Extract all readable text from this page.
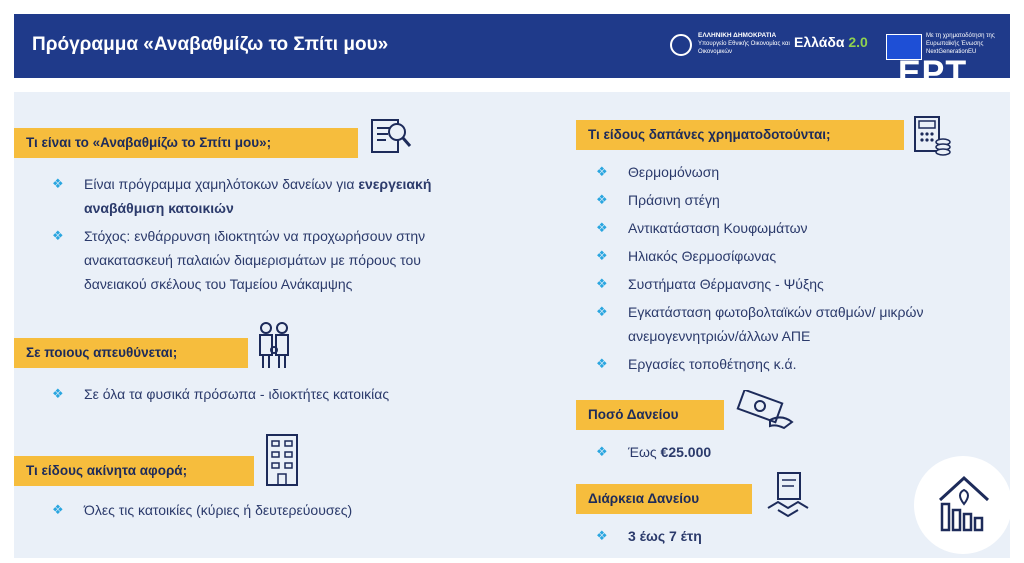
Πρόγραμμα «Αναβαθμίζω το Σπίτι μου»	ΕΛΛΗΝΙΚΗ ΔΗΜΟΚΡΑΤΙΑ
Υπουργείο Εθνικής Οικονομίας και Οικονομικών
Ελλάδα 2.0	Με τη χρηματοδότηση της Ευρωπαϊκής Ένωσης NextGenerationEU
ΕΡΤ
Τι είναι το «Αναβαθμίζω το Σπίτι μου»;
❖ Είναι πρόγραμμα χαμηλότοκων δανείων για ενεργειακή
αναβάθμιση κατοικιών
❖ Στόχος: ενθάρρυνση ιδιοκτητών να προχωρήσουν στην
ανακατασκευή παλαιών διαμερισμάτων με πόρους του
δανειακού σκέλους του Ταμείου Ανάκαμψης
Σε ποιους απευθύνεται;
❖ Σε όλα τα φυσικά πρόσωπα - ιδιοκτήτες κατοικίας
Τι είδους ακίνητα αφορά;
❖ Όλες τις κατοικίες (κύριες ή δευτερεύουσες)
Τι είδους δαπάνες χρηματοδοτούνται;
❖ Θερμομόνωση
❖ Πράσινη στέγη
❖ Αντικατάσταση Κουφωμάτων
❖ Ηλιακός Θερμοσίφωνας
❖ Συστήματα Θέρμανσης - Ψύξης
❖ Εγκατάσταση φωτοβολταϊκών σταθμών/ μικρών
ανεμογεννητριών/άλλων ΑΠΕ
❖ Εργασίες τοποθέτησης κ.ά.
Ποσό Δανείου
❖ Έως €25.000
Διάρκεια Δανείου
❖ 3 έως 7 έτη
